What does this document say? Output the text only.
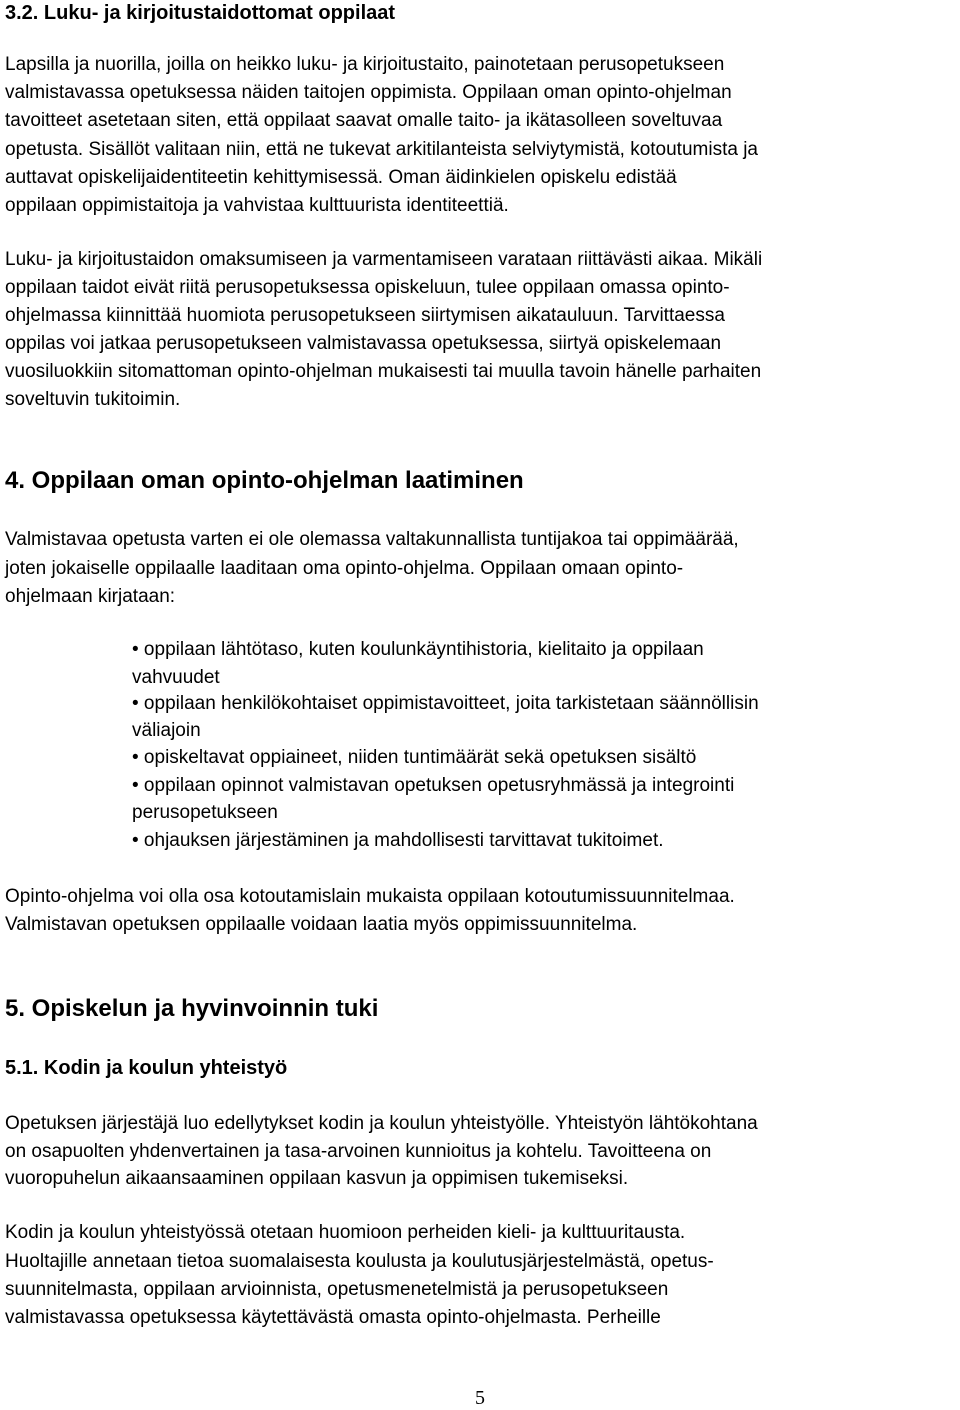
3.2. Luku- ja kirjoitustaidottomat oppilaat
Lapsilla ja nuorilla, joilla on heikko luku- ja kirjoitustaito, painotetaan perusopetukseen
valmistavassa opetuksessa näiden taitojen oppimista. Oppilaan oman opinto-ohjelman
tavoitteet asetetaan siten, että oppilaat saavat omalle taito- ja ikätasolleen soveltuvaa
opetusta. Sisällöt valitaan niin, että ne tukevat arkitilanteista selviytymistä, kotoutumista ja
auttavat opiskelijaidentiteetin kehittymisessä. Oman äidinkielen opiskelu edistää
oppilaan oppimistaitoja ja vahvistaa kulttuurista identiteettiä.
Luku- ja kirjoitustaidon omaksumiseen ja varmentamiseen varataan riittävästi aikaa. Mikäli
oppilaan taidot eivät riitä perusopetuksessa opiskeluun, tulee oppilaan omassa opinto-
ohjelmassa kiinnittää huomiota perusopetukseen siirtymisen aikatauluun. Tarvittaessa
oppilas voi jatkaa perusopetukseen valmistavassa opetuksessa, siirtyä opiskelemaan
vuosiluokkiin sitomattoman opinto-ohjelman mukaisesti tai muulla tavoin hänelle parhaiten
soveltuvin tukitoimin.
4. Oppilaan oman opinto-ohjelman laatiminen
Valmistavaa opetusta varten ei ole olemassa valtakunnallista tuntijakoa tai oppimäärää,
joten jokaiselle oppilaalle laaditaan oma opinto-ohjelma. Oppilaan omaan opinto-
ohjelmaan kirjataan:
• oppilaan lähtötaso, kuten koulunkäyntihistoria, kielitaito ja oppilaan
vahvuudet
• oppilaan henkilökohtaiset oppimistavoitteet, joita tarkistetaan säännöllisin
väliajoin
• opiskeltavat oppiaineet, niiden tuntimäärät sekä opetuksen sisältö
• oppilaan opinnot valmistavan opetuksen opetusryhmässä ja integrointi
perusopetukseen
• ohjauksen järjestäminen ja mahdollisesti tarvittavat tukitoimet.
Opinto-ohjelma voi olla osa kotoutamislain mukaista oppilaan kotoutumissuunnitelmaa.
Valmistavan opetuksen oppilaalle voidaan laatia myös oppimissuunnitelma.
5. Opiskelun ja hyvinvoinnin tuki
5.1. Kodin ja koulun yhteistyö
Opetuksen järjestäjä luo edellytykset kodin ja koulun yhteistyölle. Yhteistyön lähtökohtana
on osapuolten yhdenvertainen ja tasa-arvoinen kunnioitus ja kohtelu. Tavoitteena on
vuoropuhelun aikaansaaminen oppilaan kasvun ja oppimisen tukemiseksi.
Kodin ja koulun yhteistyössä otetaan huomioon perheiden kieli- ja kulttuuritausta.
Huoltajille annetaan tietoa suomalaisesta koulusta ja koulutusjärjestelmästä, opetus-
suunnitelmasta, oppilaan arvioinnista, opetusmenetelmistä ja perusopetukseen
valmistavassa opetuksessa käytettävästä omasta opinto-ohjelmasta. Perheille
5
